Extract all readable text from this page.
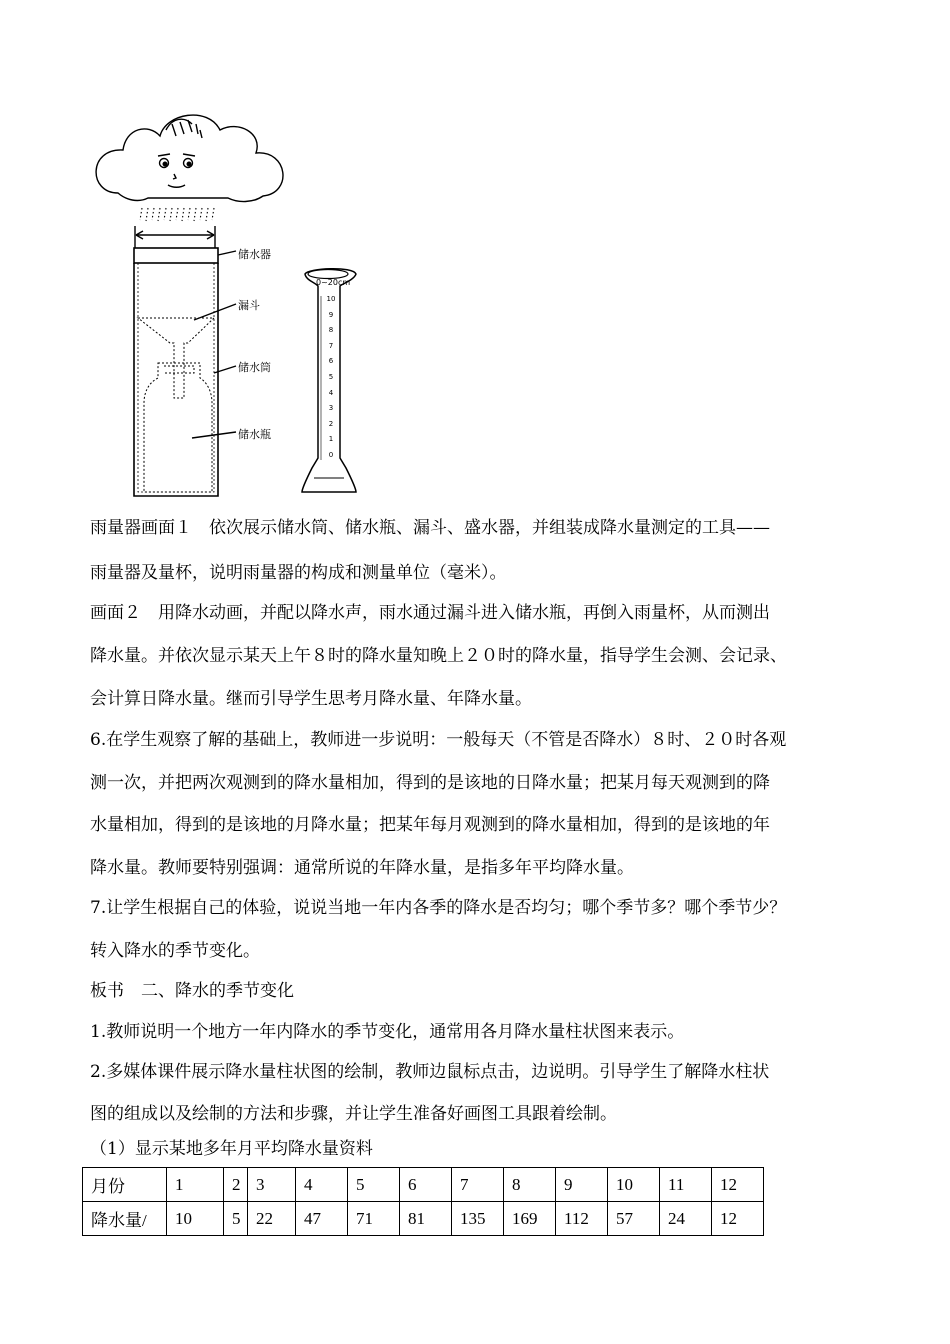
储水器
漏斗
储水筒
储水瓶
0~20cm
10
9
8
7
6
5
4
3
2
1
0
雨量器画面１　依次展示储水筒、储水瓶、漏斗、盛水器，并组装成降水量测定的工具——
雨量器及量杯，说明雨量器的构成和测量单位（毫米）。
画面２　用降水动画，并配以降水声，雨水通过漏斗进入储水瓶，再倒入雨量杯，从而测出
降水量。并依次显示某天上午８时的降水量知晚上２０时的降水量，指导学生会测、会记录、
会计算日降水量。继而引导学生思考月降水量、年降水量。
6.在学生观察了解的基础上，教师进一步说明：一般每天（不管是否降水）８时、２０时各观
测一次，并把两次观测到的降水量相加，得到的是该地的日降水量；把某月每天观测到的降
水量相加，得到的是该地的月降水量；把某年每月观测到的降水量相加，得到的是该地的年
降水量。教师要特别强调：通常所说的年降水量，是指多年平均降水量。
7.让学生根据自己的体验，说说当地一年内各季的降水是否均匀；哪个季节多？哪个季节少？
转入降水的季节变化。
板书　二、降水的季节变化
1.教师说明一个地方一年内降水的季节变化，通常用各月降水量柱状图来表示。
2.多媒体课件展示降水量柱状图的绘制，教师边鼠标点击，边说明。引导学生了解降水柱状
图的组成以及绘制的方法和步骤，并让学生准备好画图工具跟着绘制。
（1）显示某地多年月平均降水量资料
月份	1	2	3	4	5	6	7	8	9	10	11	12
降水量/	10	5	22	47	71	81	135	169	112	57	24	12
